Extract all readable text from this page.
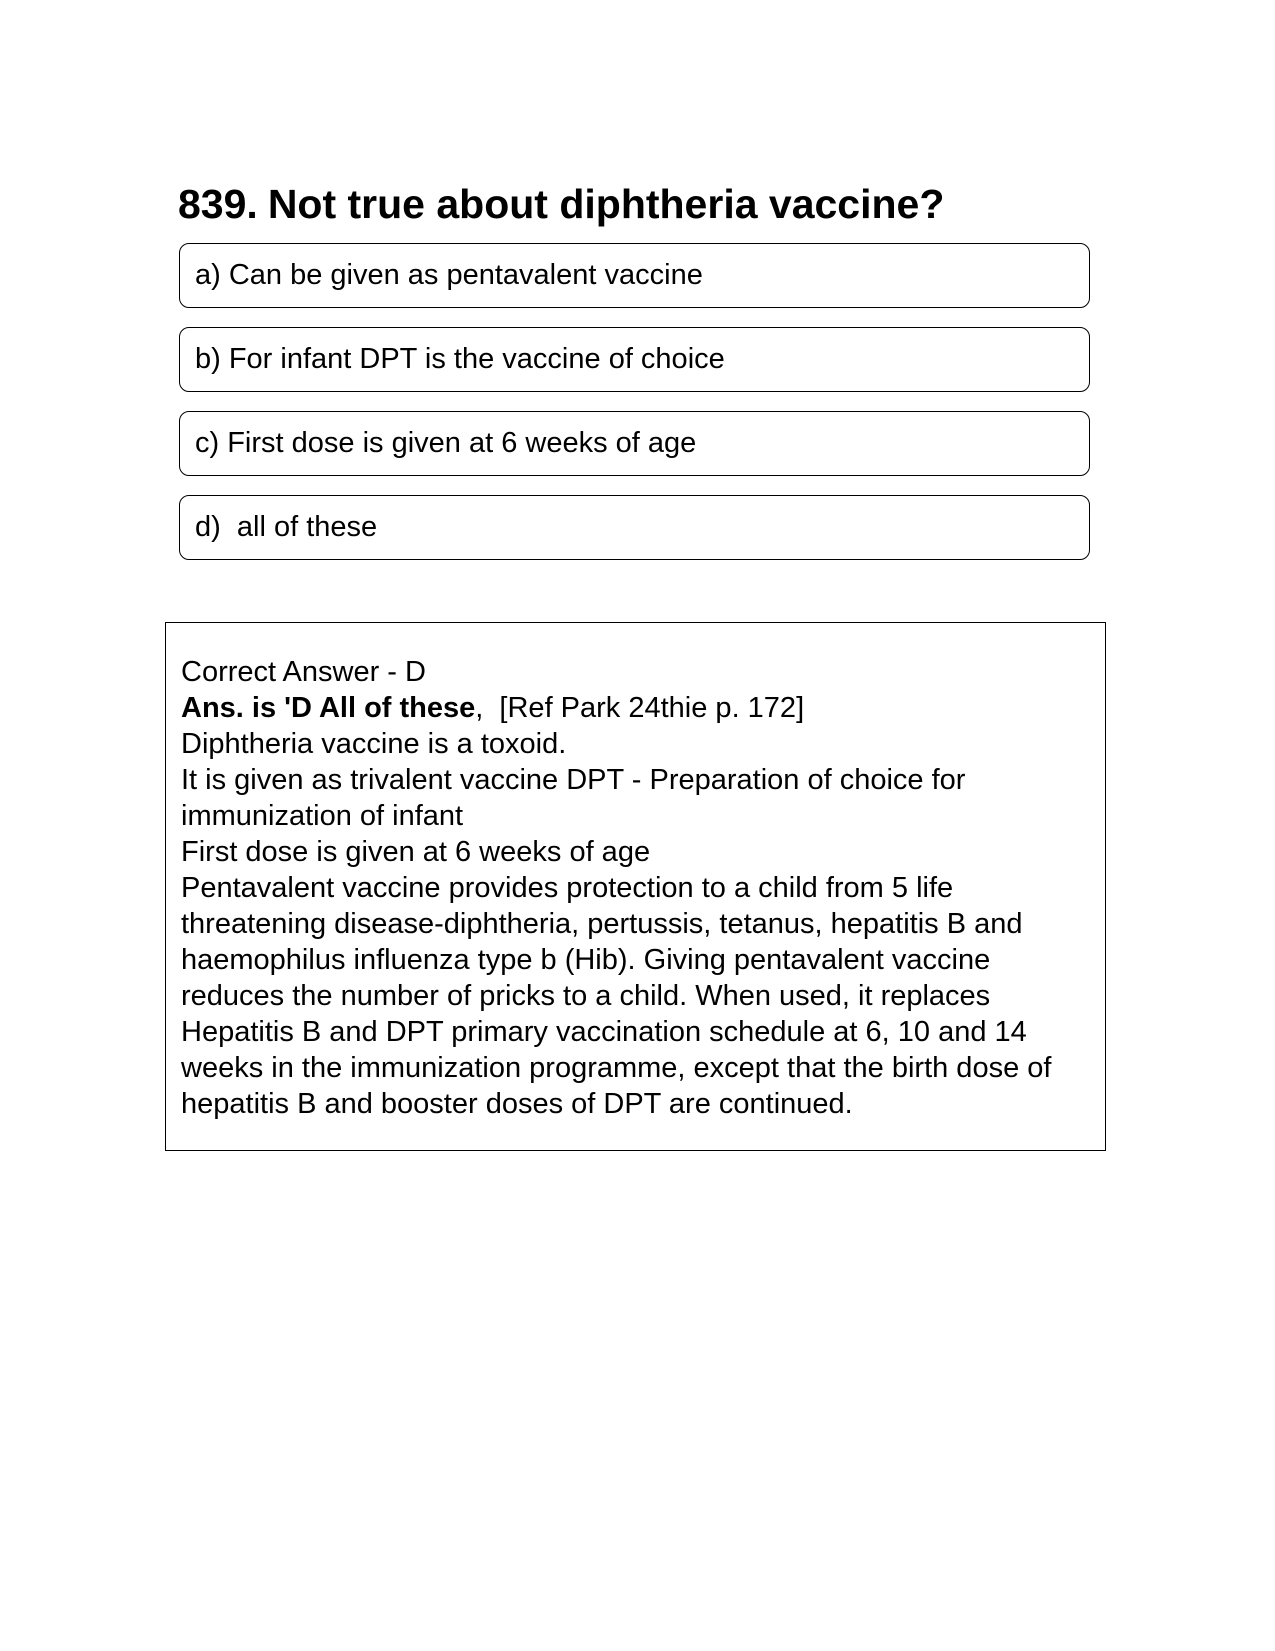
839. Not true about diphtheria vaccine?
a) Can be given as pentavalent vaccine
b) For infant DPT is the vaccine of choice
c) First dose is given at 6 weeks of age
d)  all of these
Correct Answer - D
Ans. is 'D All of these,  [Ref Park 24thie p. 172]
Diphtheria vaccine is a toxoid.
It is given as trivalent vaccine DPT - Preparation of choice for immunization of infant
First dose is given at 6 weeks of age
Pentavalent vaccine provides protection to a child from 5 life threatening disease-diphtheria, pertussis, tetanus, hepatitis B and haemophilus influenza type b (Hib). Giving pentavalent vaccine reduces the number of pricks to a child. When used, it replaces Hepatitis B and DPT primary vaccination schedule at 6, 10 and 14 weeks in the immunization programme, except that the birth dose of hepatitis B and booster doses of DPT are continued.
